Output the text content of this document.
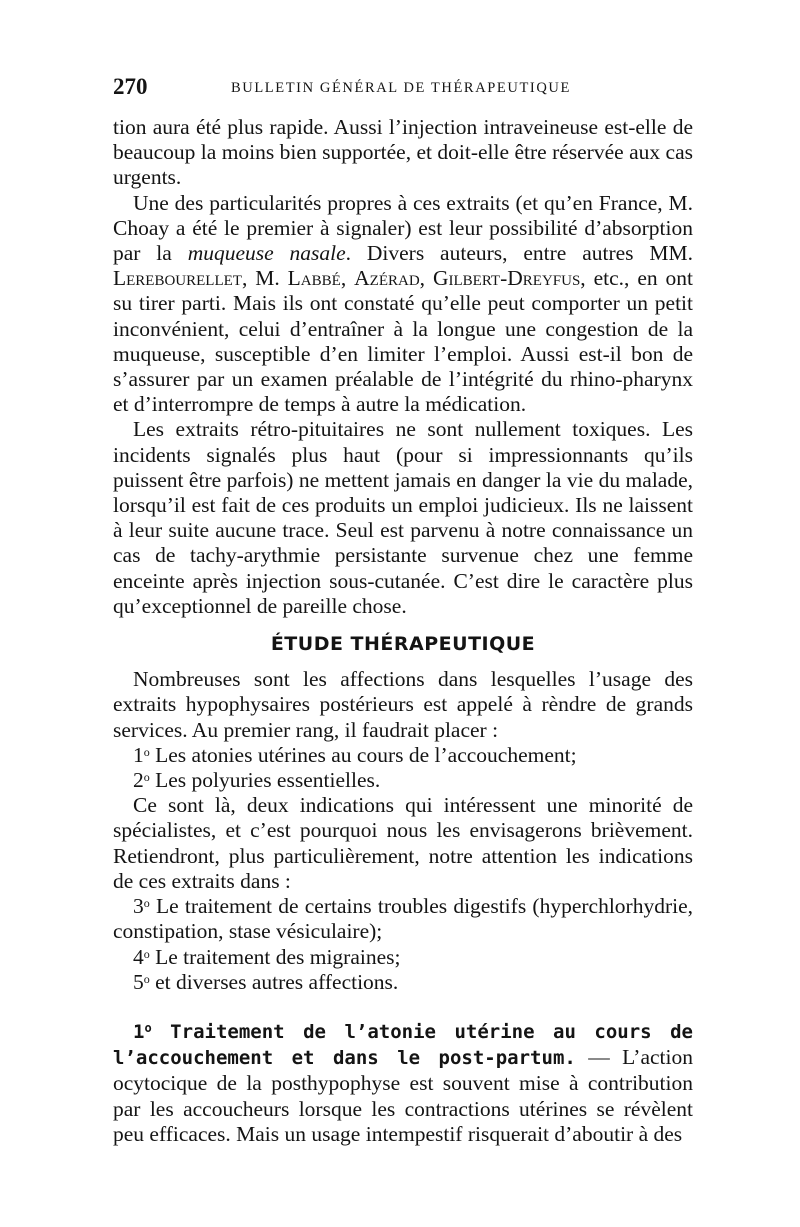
270	BULLETIN GÉNÉRAL DE THÉRAPEUTIQUE

tion aura été plus rapide. Aussi l’injection intraveineuse est-elle de beaucoup la moins bien supportée, et doit-elle être réservée aux cas urgents.

Une des particularités propres à ces extraits (et qu’en France, M. Choay a été le premier à signaler) est leur possibilité d’absorption par la muqueuse nasale. Divers auteurs, entre autres MM. Lerebourellet, M. Labbé, Azérad, Gilbert-Dreyfus, etc., en ont su tirer parti. Mais ils ont constaté qu’elle peut comporter un petit inconvénient, celui d’entraîner à la longue une congestion de la muqueuse, susceptible d’en limiter l’emploi. Aussi est-il bon de s’assurer par un examen préalable de l’intégrité du rhino-pharynx et d’interrompre de temps à autre la médication.

Les extraits rétro-pituitaires ne sont nullement toxiques. Les incidents signalés plus haut (pour si impressionnants qu’ils puissent être parfois) ne mettent jamais en danger la vie du malade, lorsqu’il est fait de ces produits un emploi judicieux. Ils ne laissent à leur suite aucune trace. Seul est parvenu à notre connaissance un cas de tachy-arythmie persistante survenue chez une femme enceinte après injection sous-cutanée. C’est dire le caractère plus qu’exceptionnel de pareille chose.

ÉTUDE THÉRAPEUTIQUE

Nombreuses sont les affections dans lesquelles l’usage des extraits hypophysaires postérieurs est appelé à rèndre de grands services. Au premier rang, il faudrait placer :

1$^o$ Les atonies utérines au cours de l’accouchement;

2$^o$ Les polyuries essentielles.

Ce sont là, deux indications qui intéressent une minorité de spécialistes, et c’est pourquoi nous les envisagerons brièvement. Retiendront, plus particulièrement, notre attention les indications de ces extraits dans :

3$^o$ Le traitement de certains troubles digestifs (hyperchlorhydrie, constipation, stase vésiculaire);

4$^o$ Le traitement des migraines;

5$^o$ et diverses autres affections.

1$^o$ Traitement de l’atonie utérine au cours de l’accouchement et dans le post-partum. — L’action ocytocique de la posthypophyse est souvent mise à contribution par les accoucheurs lorsque les contractions utérines se révèlent peu efficaces. Mais un usage intempestif risquerait d’aboutir à des
